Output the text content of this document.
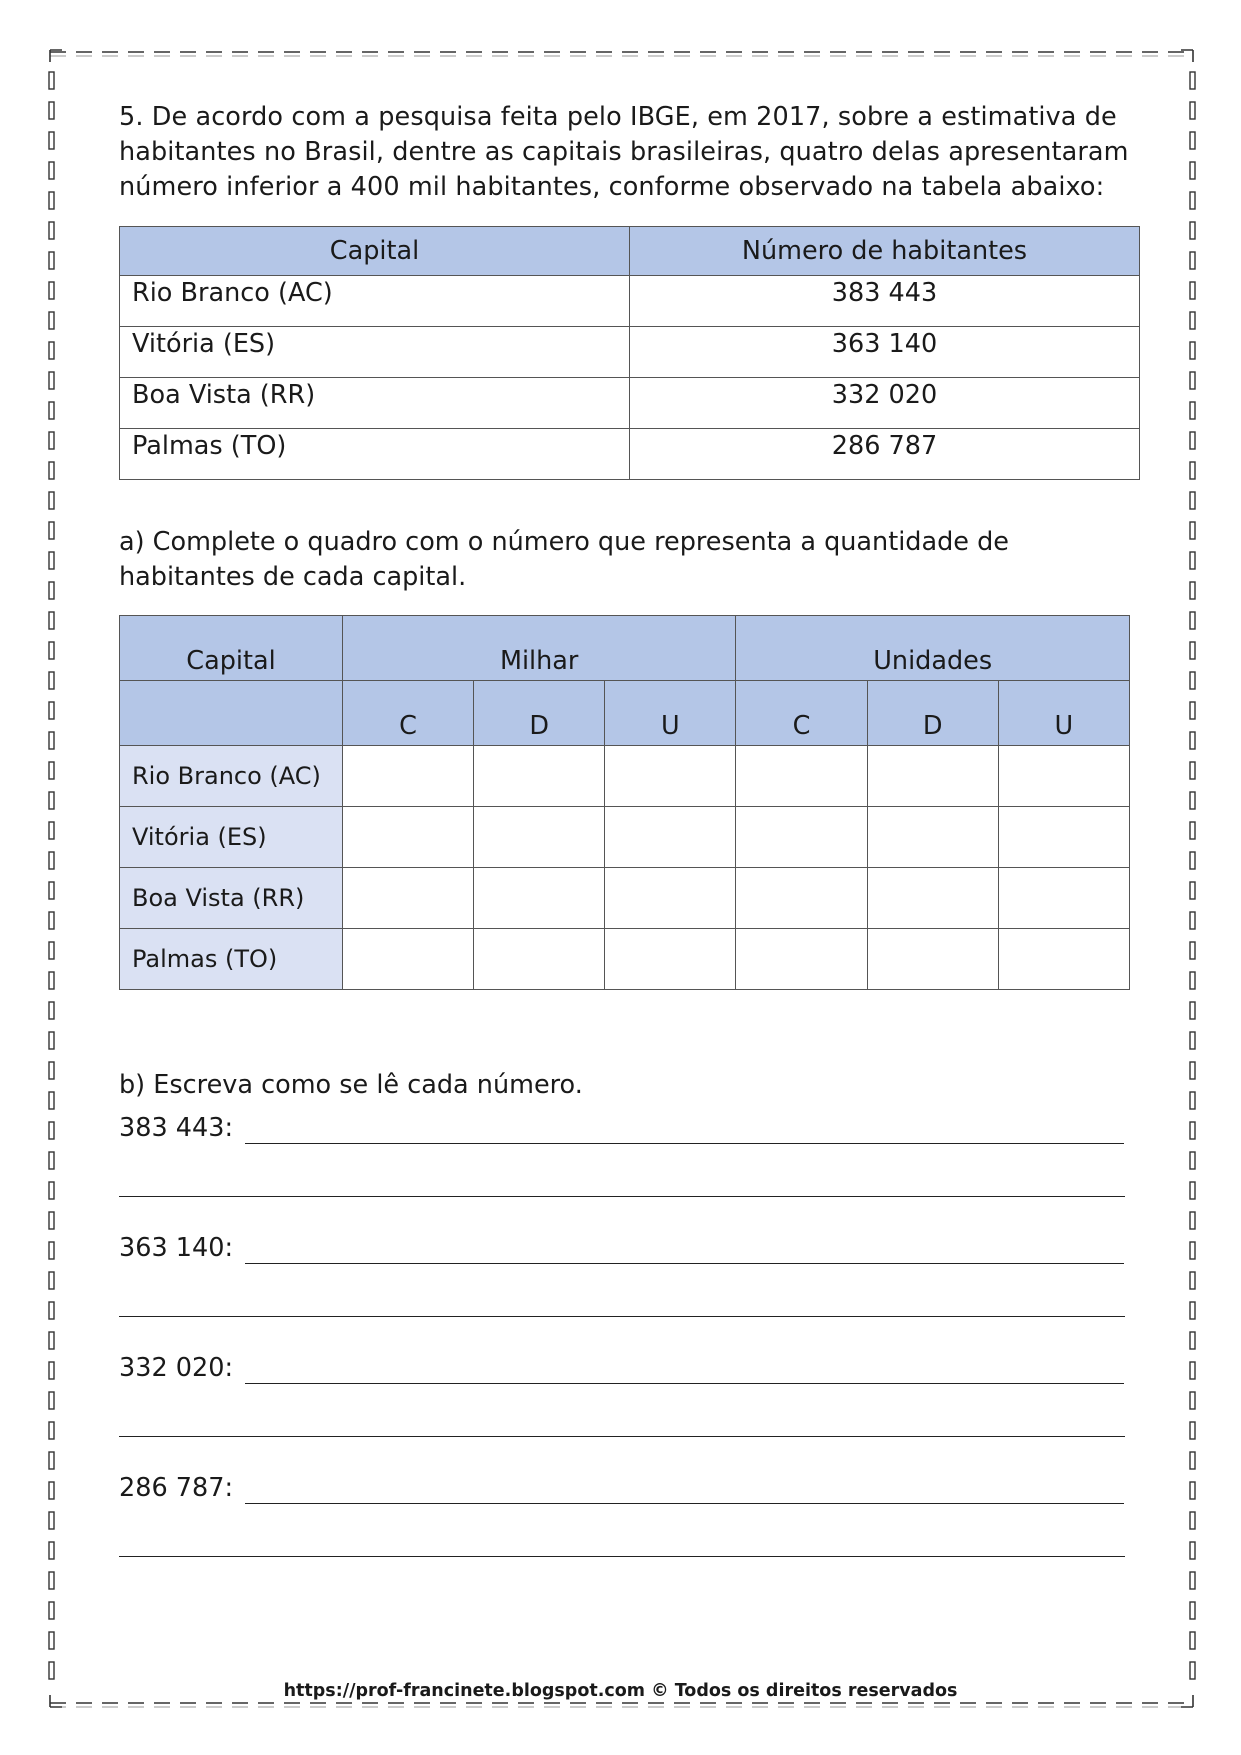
5. De acordo com a pesquisa feita pelo IBGE, em 2017, sobre a estimativa de habitantes no Brasil, dentre as capitais brasileiras, quatro delas apresentaram número inferior a 400 mil habitantes, conforme observado na tabela abaixo:

Capital	Número de habitantes
Rio Branco (AC)	383 443
Vitória (ES)	363 140
Boa Vista (RR)	332 020
Palmas (TO)	286 787

a) Complete o quadro com o número que representa a quantidade de habitantes de cada capital.

Capital	Milhar			Unidades		
	C	D	U	C	D	U
Rio Branco (AC)						
Vitória (ES)						
Boa Vista (RR)						
Palmas (TO)						

b) Escreva como se lê cada número.

383 443:
363 140:
332 020:
286 787:
https://prof-francinete.blogspot.com © Todos os direitos reservados
